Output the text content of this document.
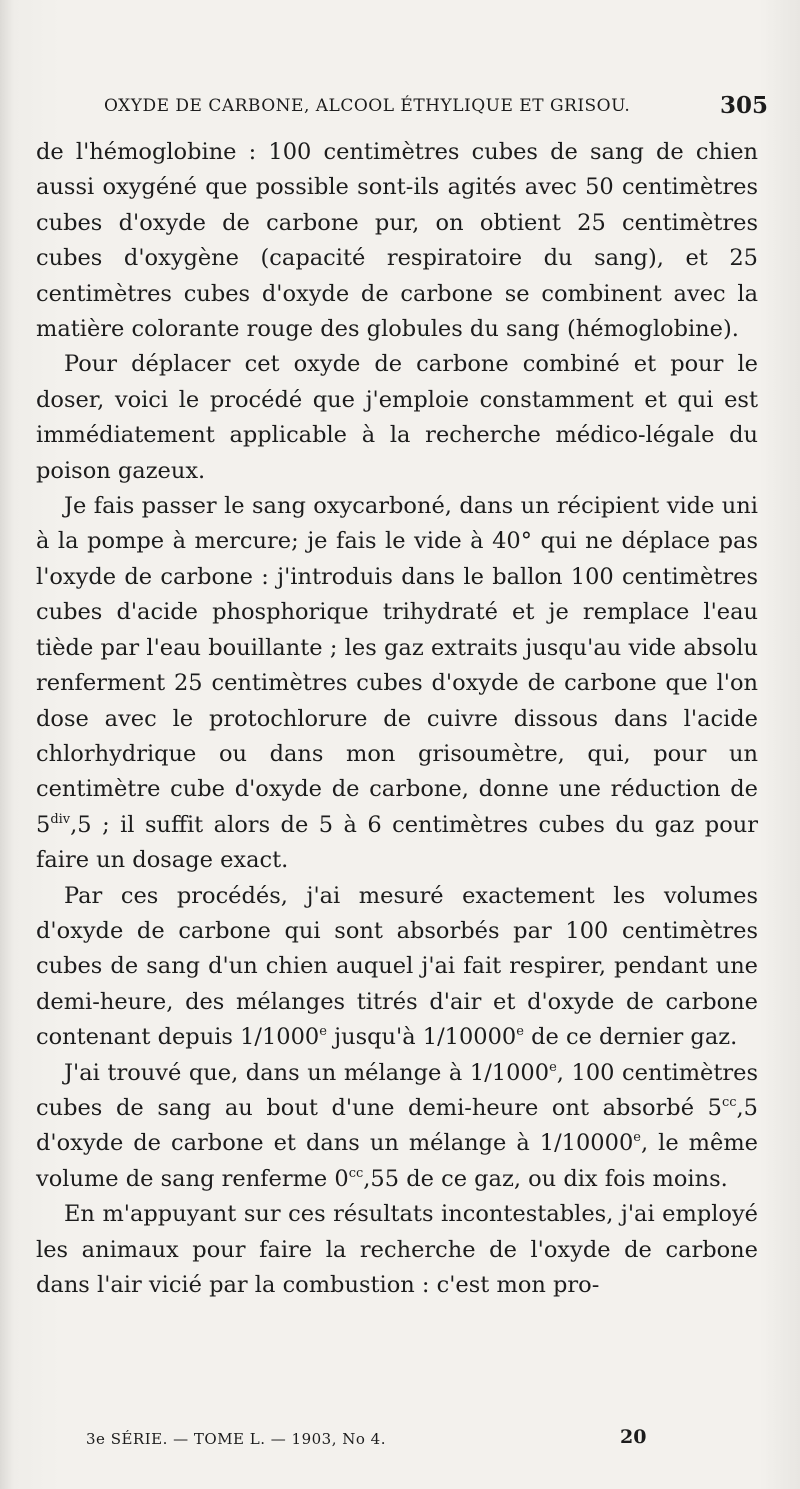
OXYDE DE CARBONE, ALCOOL ÉTHYLIQUE ET GRISOU.	305

de l'hémoglobine : 100 centimètres cubes de sang de chien aussi oxygéné que possible sont-ils agités avec 50 centimètres cubes d'oxyde de carbone pur, on obtient 25 centimètres cubes d'oxygène (capacité respiratoire du sang), et 25 centimètres cubes d'oxyde de carbone se combinent avec la matière colorante rouge des globules du sang (hémoglobine).

Pour déplacer cet oxyde de carbone combiné et pour le doser, voici le procédé que j'emploie constamment et qui est immédiatement applicable à la recherche médico-légale du poison gazeux.

Je fais passer le sang oxycarboné, dans un récipient vide uni à la pompe à mercure; je fais le vide à 40° qui ne déplace pas l'oxyde de carbone : j'introduis dans le ballon 100 centimètres cubes d'acide phosphorique trihydraté et je remplace l'eau tiède par l'eau bouillante ; les gaz extraits jusqu'au vide absolu renferment 25 centimètres cubes d'oxyde de carbone que l'on dose avec le protochlorure de cuivre dissous dans l'acide chlorhydrique ou dans mon grisoumètre, qui, pour un centimètre cube d'oxyde de carbone, donne une réduction de $5^{div},5$ ; il suffit alors de 5 à 6 centimètres cubes du gaz pour faire un dosage exact.

Par ces procédés, j'ai mesuré exactement les volumes d'oxyde de carbone qui sont absorbés par 100 centimètres cubes de sang d'un chien auquel j'ai fait respirer, pendant une demi-heure, des mélanges titrés d'air et d'oxyde de carbone contenant depuis 1/1000e jusqu'à 1/10000e de ce dernier gaz.

J'ai trouvé que, dans un mélange à 1/1000e, 100 centimètres cubes de sang au bout d'une demi-heure ont absorbé $5^{cc},5$ d'oxyde de carbone et dans un mélange à 1/10000e, le même volume de sang renferme $0^{cc},55$ de ce gaz, ou dix fois moins.

En m'appuyant sur ces résultats incontestables, j'ai employé les animaux pour faire la recherche de l'oxyde de carbone dans l'air vicié par la combustion : c'est mon pro-

3e SÉRIE. — TOME L. — 1903, No 4.	20
